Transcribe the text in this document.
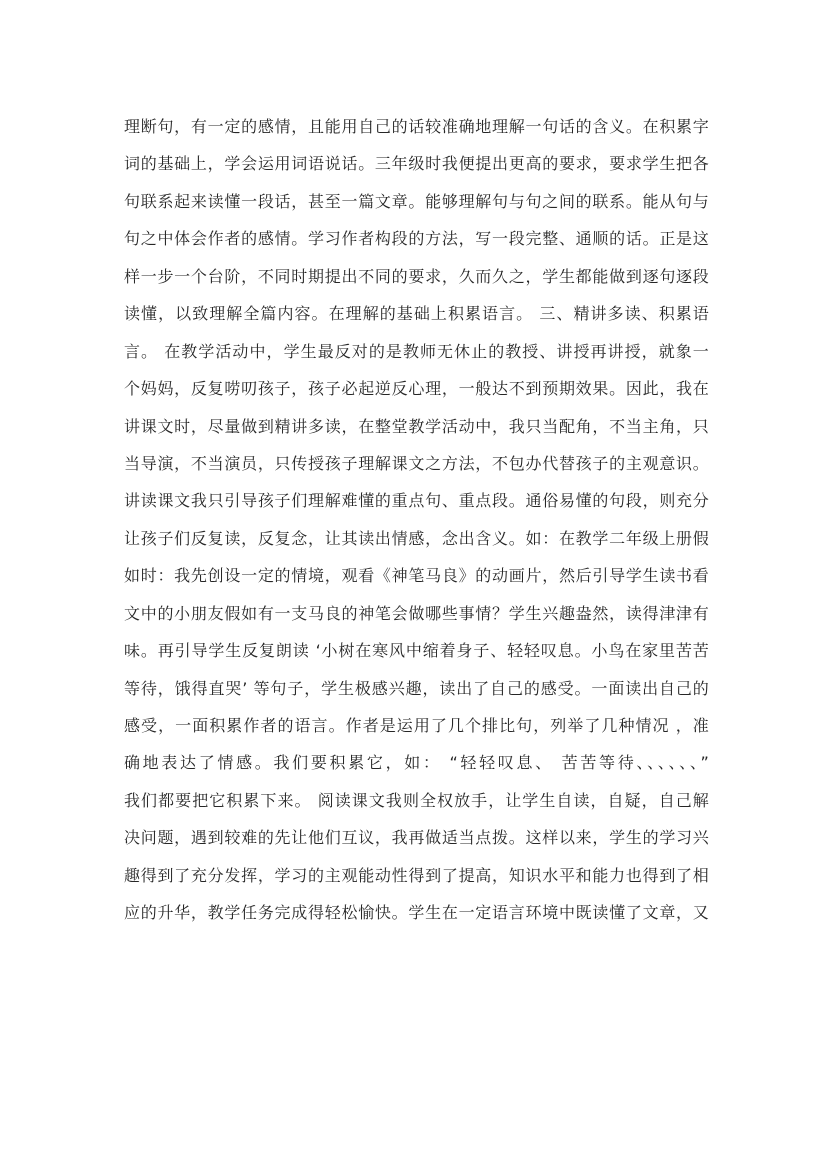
理断句，有一定的感情，且能用自己的话较准确地理解一句话的含义。在积累字
词的基础上，学会运用词语说话。三年级时我便提出更高的要求，要求学生把各
句联系起来读懂一段话，甚至一篇文章。能够理解句与句之间的联系。能从句与
句之中体会作者的感情。学习作者构段的方法，写一段完整、通顺的话。正是这
样一步一个台阶，不同时期提出不同的要求，久而久之，学生都能做到逐句逐段
读懂，以致理解全篇内容。在理解的基础上积累语言。 三、精讲多读、积累语
言。 在教学活动中，学生最反对的是教师无休止的教授、讲授再讲授，就象一
个妈妈，反复唠叨孩子，孩子必起逆反心理，一般达不到预期效果。因此，我在
讲课文时，尽量做到精讲多读，在整堂教学活动中，我只当配角，不当主角，只
当导演，不当演员，只传授孩子理解课文之方法，不包办代替孩子的主观意识。
讲读课文我只引导孩子们理解难懂的重点句、重点段。通俗易懂的句段，则充分
让孩子们反复读，反复念，让其读出情感，念出含义。如：在教学二年级上册假
如时：我先创设一定的情境，观看《神笔马良》的动画片，然后引导学生读书看
文中的小朋友假如有一支马良的神笔会做哪些事情？学生兴趣盎然，读得津津有
味。再引导学生反复朗读 ‘小树在寒风中缩着身子、轻轻叹息。小鸟在家里苦苦
等待，饿得直哭’ 等句子，学生极感兴趣，读出了自己的感受。一面读出自己的
感受，一面积累作者的语言。作者是运用了几个排比句，列举了几种情况 ，准
确地表达了情感。我们要积累它，如： “轻轻叹息、 苦苦等待、、、、、、”
我们都要把它积累下来。 阅读课文我则全权放手，让学生自读，自疑，自己解
决问题，遇到较难的先让他们互议，我再做适当点拨。这样以来，学生的学习兴
趣得到了充分发挥，学习的主观能动性得到了提高，知识水平和能力也得到了相
应的升华，教学任务完成得轻松愉快。学生在一定语言环境中既读懂了文章，又
